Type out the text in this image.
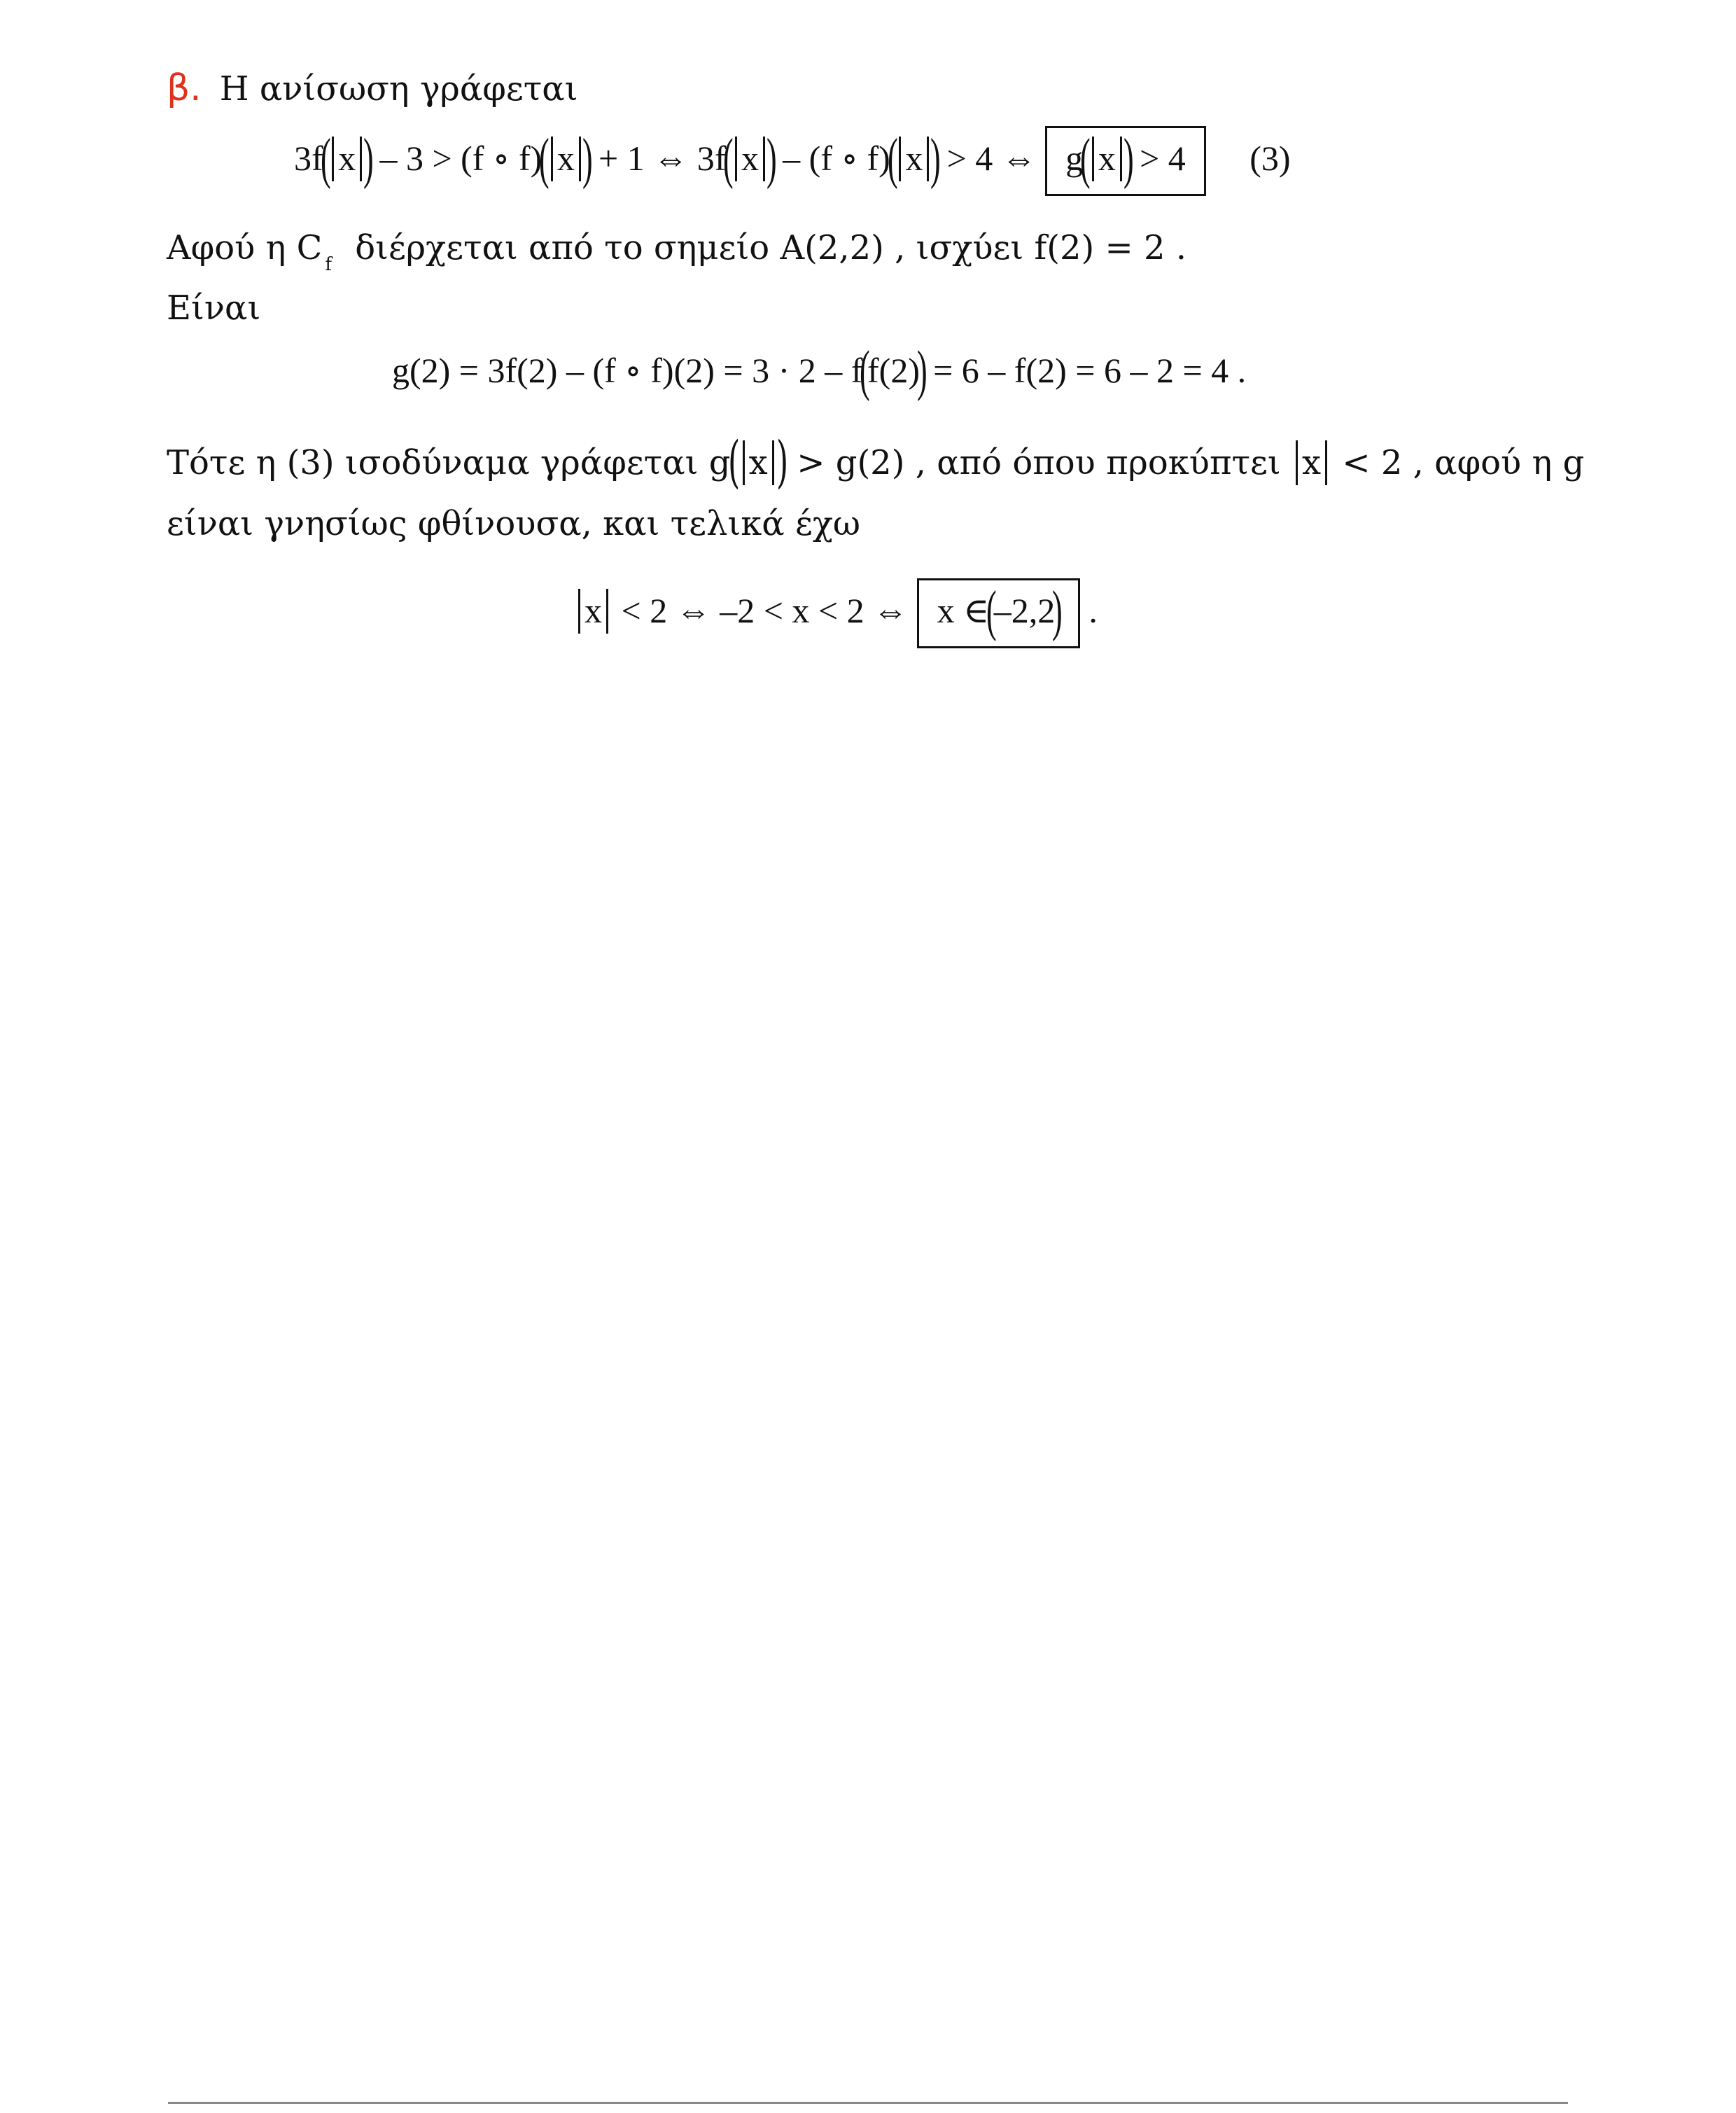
β. Η ανίσωση γράφεται
3f( x ) – 3 > (f ∘ f)( x ) + 1 ⇔ 3f( x ) – (f ∘ f)( x ) > 4 ⇔ g( x ) > 4 (3)
Αφού η C $_f$ διέρχεται από το σημείο A(2,2) , ισχύει f(2) = 2 .
Είναι
g(2) = 3f(2) – (f ∘ f)(2) = 3 · 2 – f(f(2)) = 6 – f(2) = 6 – 2 = 4 .
Τότε η (3) ισοδύναμα γράφεται g( x ) > g(2) , από όπου προκύπτει x < 2 , αφού η g
είναι γνησίως φθίνουσα, και τελικά έχω
x < 2 ⇔ –2 < x < 2 ⇔ x ∈(–2,2) .
